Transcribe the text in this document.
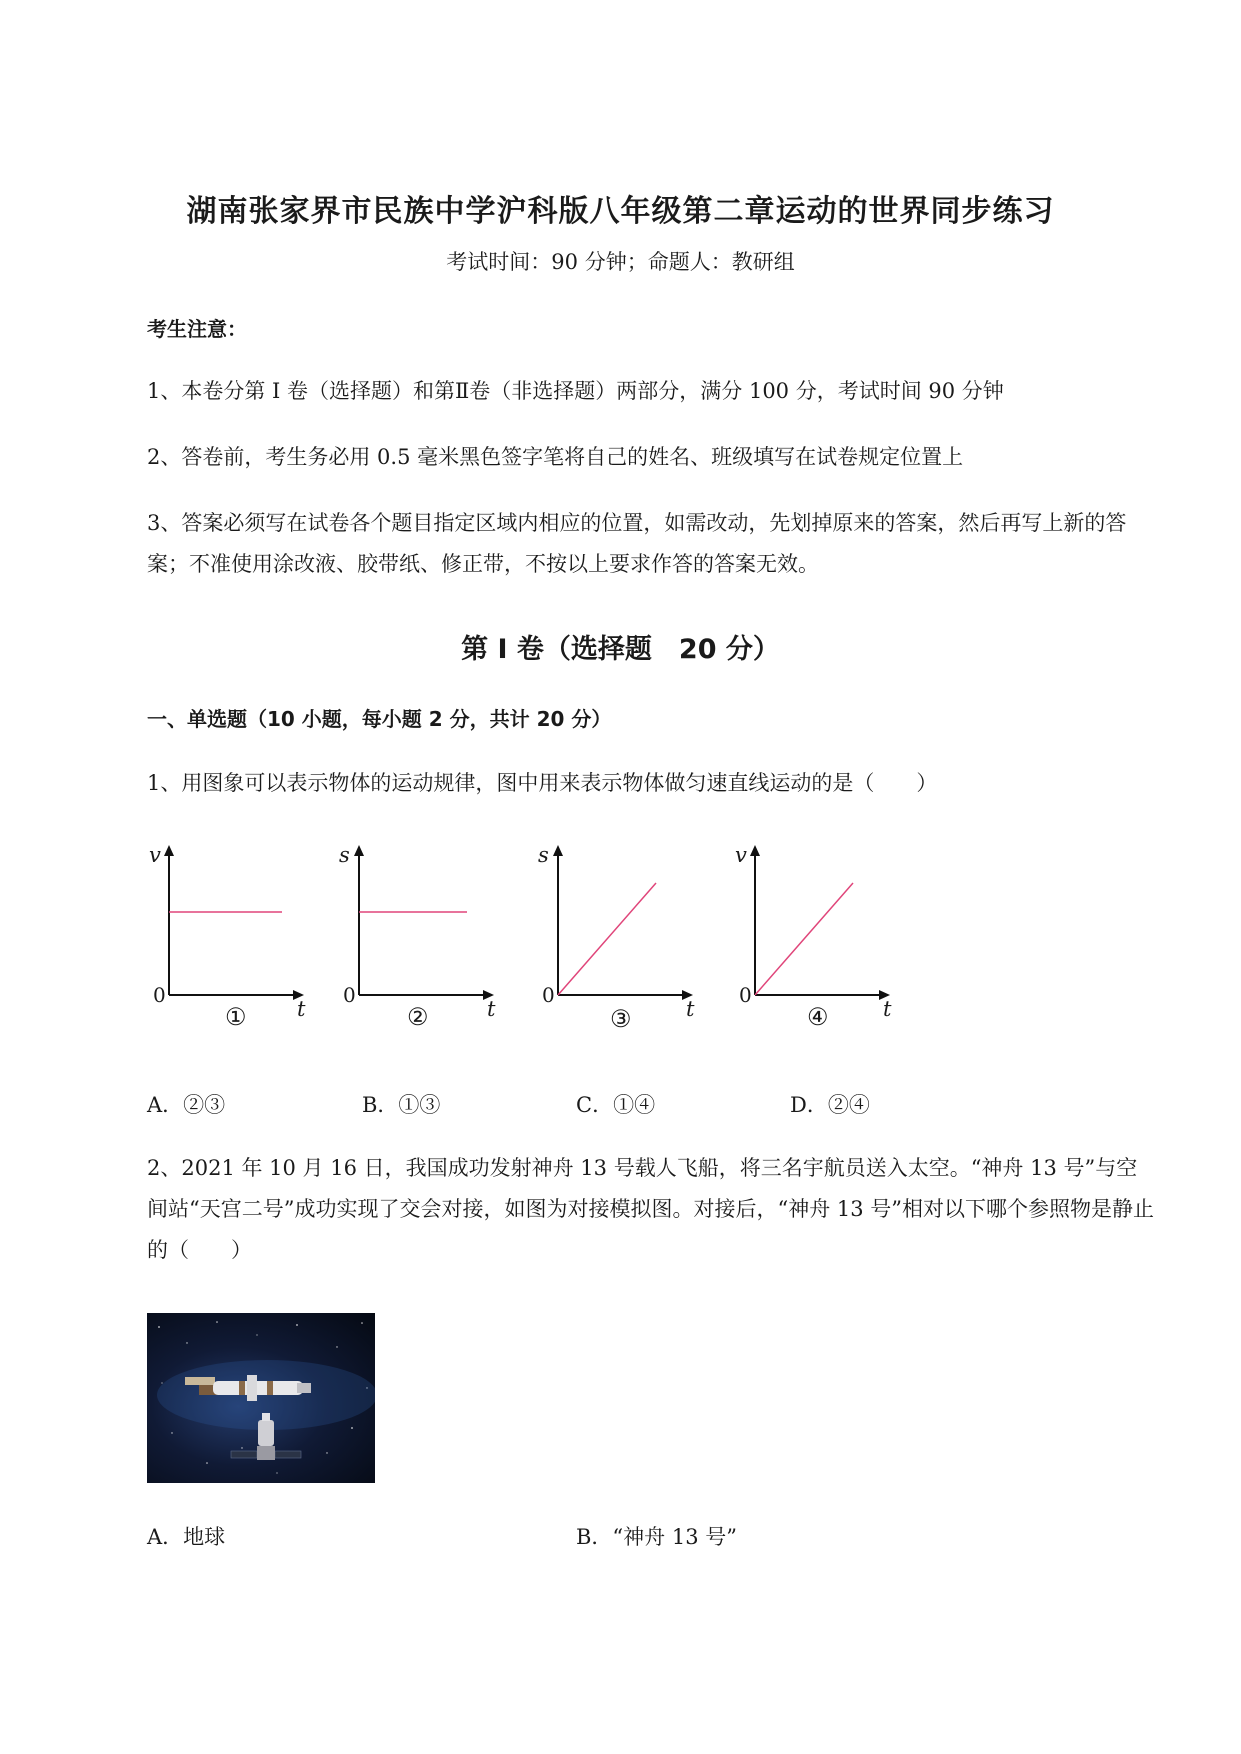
湖南张家界市民族中学沪科版八年级第二章运动的世界同步练习
考试时间：90 分钟；命题人：教研组
考生注意：
1、本卷分第 I 卷（选择题）和第Ⅱ卷（非选择题）两部分，满分 100 分，考试时间 90 分钟
2、答卷前，考生务必用 0.5 毫米黑色签字笔将自己的姓名、班级填写在试卷规定位置上
3、答案必须写在试卷各个题目指定区域内相应的位置，如需改动，先划掉原来的答案，然后再写上新的答案；不准使用涂改液、胶带纸、修正带，不按以上要求作答的答案无效。
第 I 卷（选择题　20 分）
一、单选题（10 小题，每小题 2 分，共计 20 分）
1、用图象可以表示物体的运动规律，图中用来表示物体做匀速直线运动的是（　　）
v
0
t
①
s
0
t
②
s
0
t
③
v
0
t
④
A．②③	B．①③	C．①④	D．②④
2、2021 年 10 月 16 日，我国成功发射神舟 13 号载人飞船，将三名宇航员送入太空。“神舟 13 号”与空间站“天宫二号”成功实现了交会对接，如图为对接模拟图。对接后，“神舟 13 号”相对以下哪个参照物是静止的（　　）
A．地球	B．“神舟 13 号”
